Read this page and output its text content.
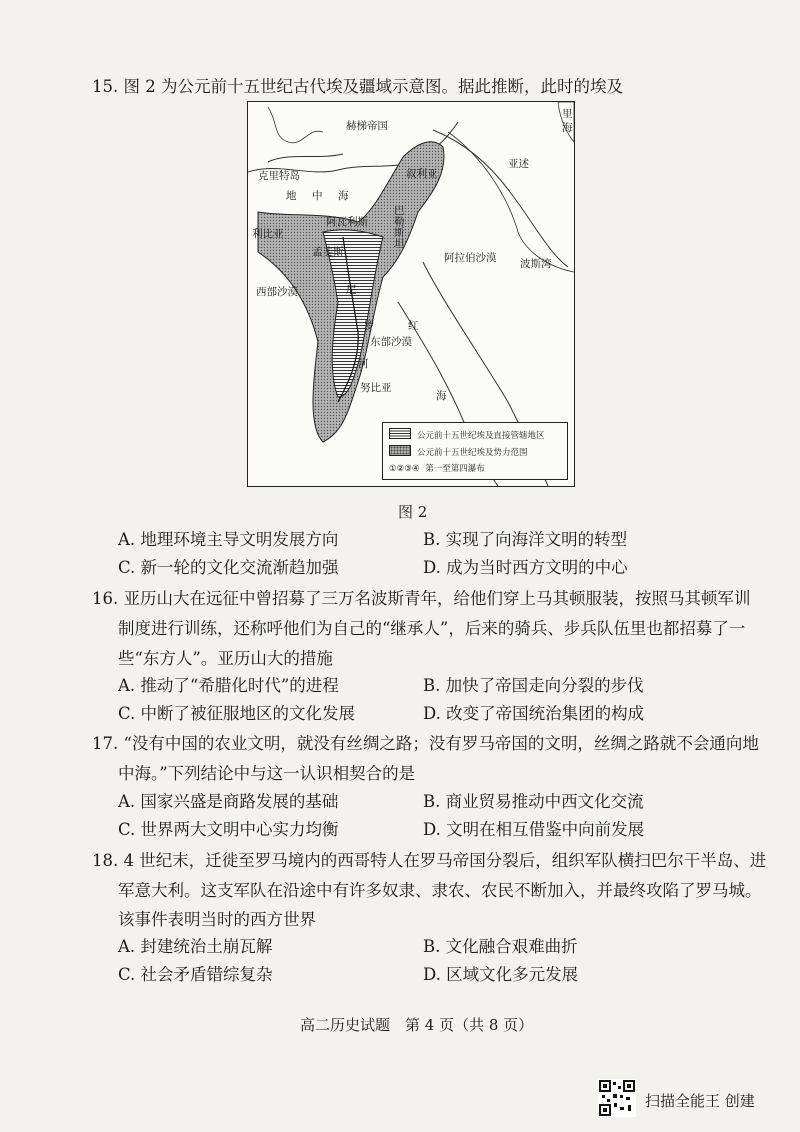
15. 图 2 为公元前十五世纪古代埃及疆域示意图。据此推断，此时的埃及
赫梯帝国
克里特岛
地 中 海
里
海
亚述
叙利亚
巴勒斯坦
阿瓦利斯
利比亚
孟斐斯	阿拉伯沙漠 波斯湾
西部沙漠	尼
罗
河
红
东部沙漠
海
努比亚
公元前十五世纪埃及直接管辖地区
公元前十五世纪埃及势力范围
①②③④ 第一至第四瀑布
图 2
A. 地理环境主导文明发展方向	B. 实现了向海洋文明的转型
C. 新一轮的文化交流渐趋加强	D. 成为当时西方文明的中心
16. 亚历山大在远征中曾招募了三万名波斯青年，给他们穿上马其顿服装，按照马其顿军训
制度进行训练，还称呼他们为自己的“继承人”，后来的骑兵、步兵队伍里也都招募了一
些“东方人”。亚历山大的措施
A. 推动了“希腊化时代”的进程	B. 加快了帝国走向分裂的步伐
C. 中断了被征服地区的文化发展	D. 改变了帝国统治集团的构成
17. “没有中国的农业文明，就没有丝绸之路；没有罗马帝国的文明，丝绸之路就不会通向地
中海。”下列结论中与这一认识相契合的是
A. 国家兴盛是商路发展的基础	B. 商业贸易推动中西文化交流
C. 世界两大文明中心实力均衡	D. 文明在相互借鉴中向前发展
18. 4 世纪末，迁徙至罗马境内的西哥特人在罗马帝国分裂后，组织军队横扫巴尔干半岛、进
军意大利。这支军队在沿途中有许多奴隶、隶农、农民不断加入，并最终攻陷了罗马城。
该事件表明当时的西方世界
A. 封建统治土崩瓦解	B. 文化融合艰难曲折
C. 社会矛盾错综复杂	D. 区域文化多元发展
高二历史试题　第 4 页（共 8 页）
扫描全能王 创建
